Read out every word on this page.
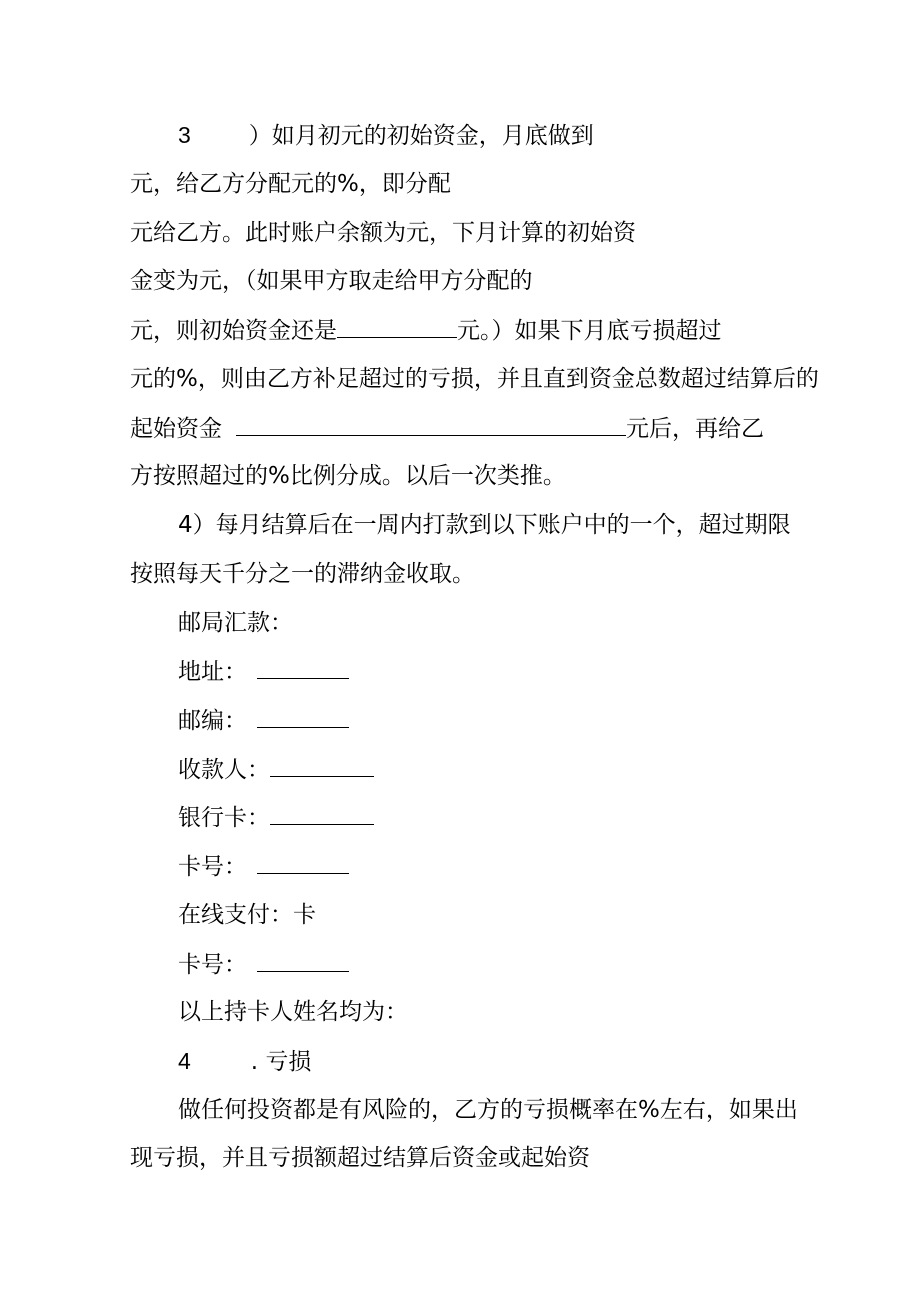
3	）如月初元的初始资金，月底做到
元，给乙方分配元的%，即分配
元给乙方。此时账户余额为元，下月计算的初始资
金变为元，（如果甲方取走给甲方分配的
元，则初始资金还是	元。）如果下月底亏损超过
元的%，则由乙方补足超过的亏损，并且直到资金总数超过结算后的
起始资金	元后，再给乙
方按照超过的%比例分成。以后一次类推。
4）每月结算后在一周内打款到以下账户中的一个，超过期限
按照每天千分之一的滞纳金收取。
邮局汇款：
地址：
邮编：
收款人：
银行卡：
卡号：
在线支付：卡
卡号：
以上持卡人姓名均为：
4	. 亏损
做任何投资都是有风险的，乙方的亏损概率在%左右，如果出
现亏损，并且亏损额超过结算后资金或起始资
